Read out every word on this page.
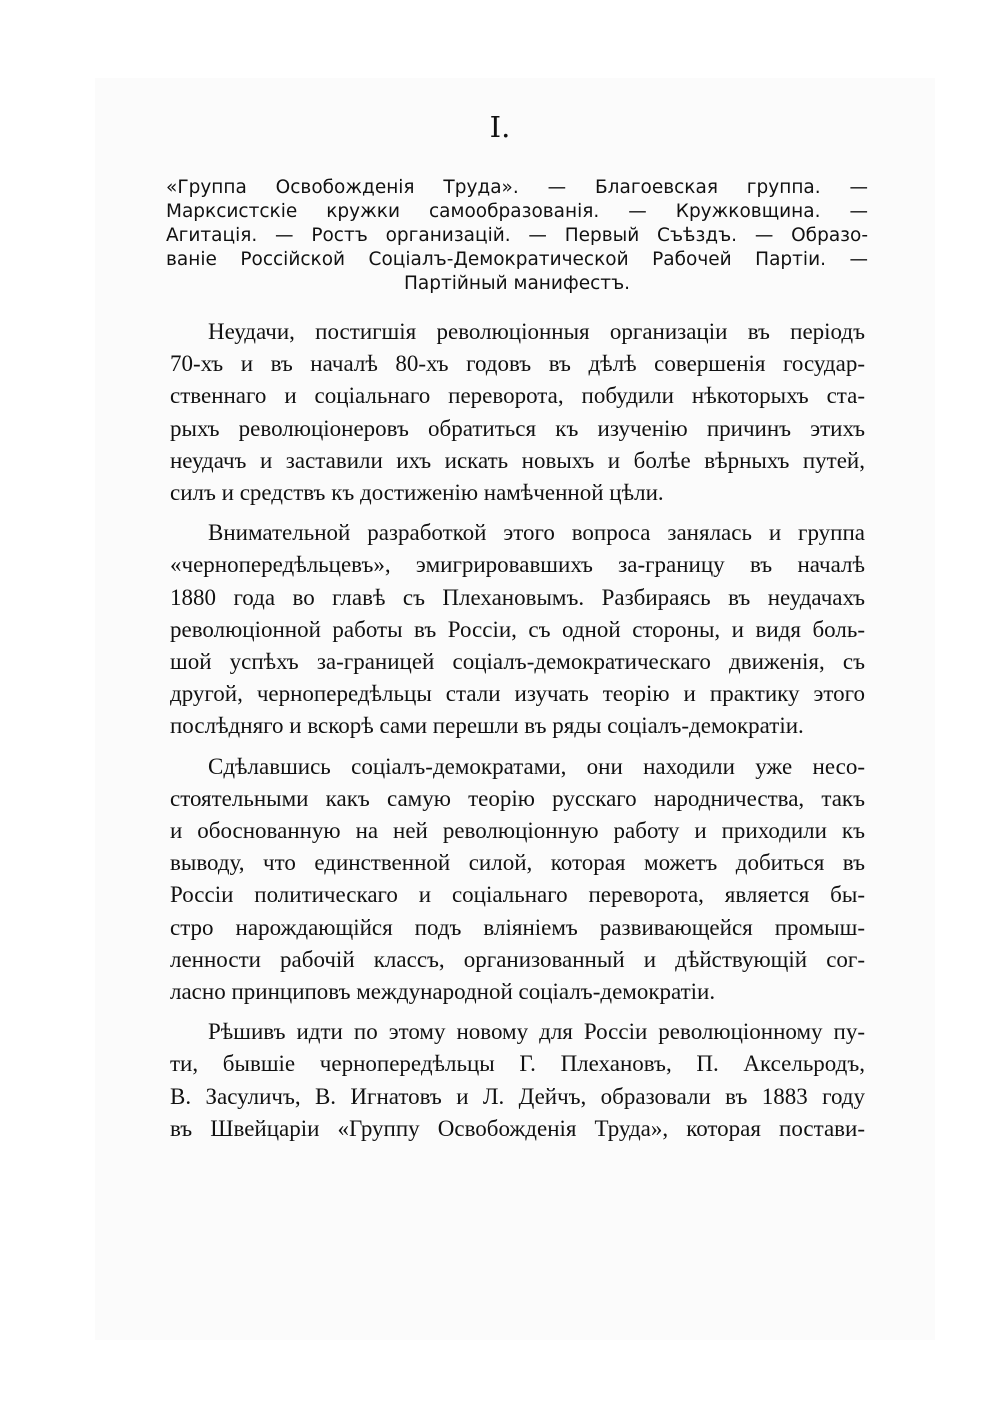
I.
«Группа Освобожденія Труда». — Благоевская группа. —
Марксистскіе кружки самообразованія. — Кружковщина. —
Агитація. — Ростъ организацій. — Первый Съѣздъ. — Образо-
ваніе Россійской Соціалъ-Демократической Рабочей Партіи. —
Партійный манифестъ.
Неудачи, постигшія революціонныя организаціи въ періодъ
70-хъ и въ началѣ 80-хъ годовъ въ дѣлѣ совершенія государ-
ственнаго и соціальнаго переворота, побудили нѣкоторыхъ ста-
рыхъ революціонеровъ обратиться къ изученію причинъ этихъ
неудачъ и заставили ихъ искать новыхъ и болѣе вѣрныхъ путей,
силъ и средствъ къ достиженію намѣченной цѣли.
Внимательной разработкой этого вопроса занялась и группа
«чернопередѣльцевъ», эмигрировавшихъ за-границу въ началѣ
1880 года во главѣ съ Плехановымъ. Разбираясь въ неудачахъ
революціонной работы въ Россіи, съ одной стороны, и видя боль-
шой успѣхъ за-границей соціалъ-демократическаго движенія, съ
другой, чернопередѣльцы стали изучать теорію и практику этого
послѣдняго и вскорѣ сами перешли въ ряды соціалъ-демократіи.
Сдѣлавшись соціалъ-демократами, они находили уже несо-
стоятельными какъ самую теорію русскаго народничества, такъ
и обоснованную на ней революціонную работу и приходили къ
выводу, что единственной силой, которая можетъ добиться въ
Россіи политическаго и соціальнаго переворота, является бы-
стро нарождающійся подъ вліяніемъ развивающейся промыш-
ленности рабочій классъ, организованный и дѣйствующій сог-
ласно принциповъ международной соціалъ-демократіи.
Рѣшивъ идти по этому новому для Россіи революціонному пу-
ти, бывшіе чернопередѣльцы Г. Плехановъ, П. Аксельродъ,
В. Засуличъ, В. Игнатовъ и Л. Дейчъ, образовали въ 1883 году
въ Швейцаріи «Группу Освобожденія Труда», которая постави-
